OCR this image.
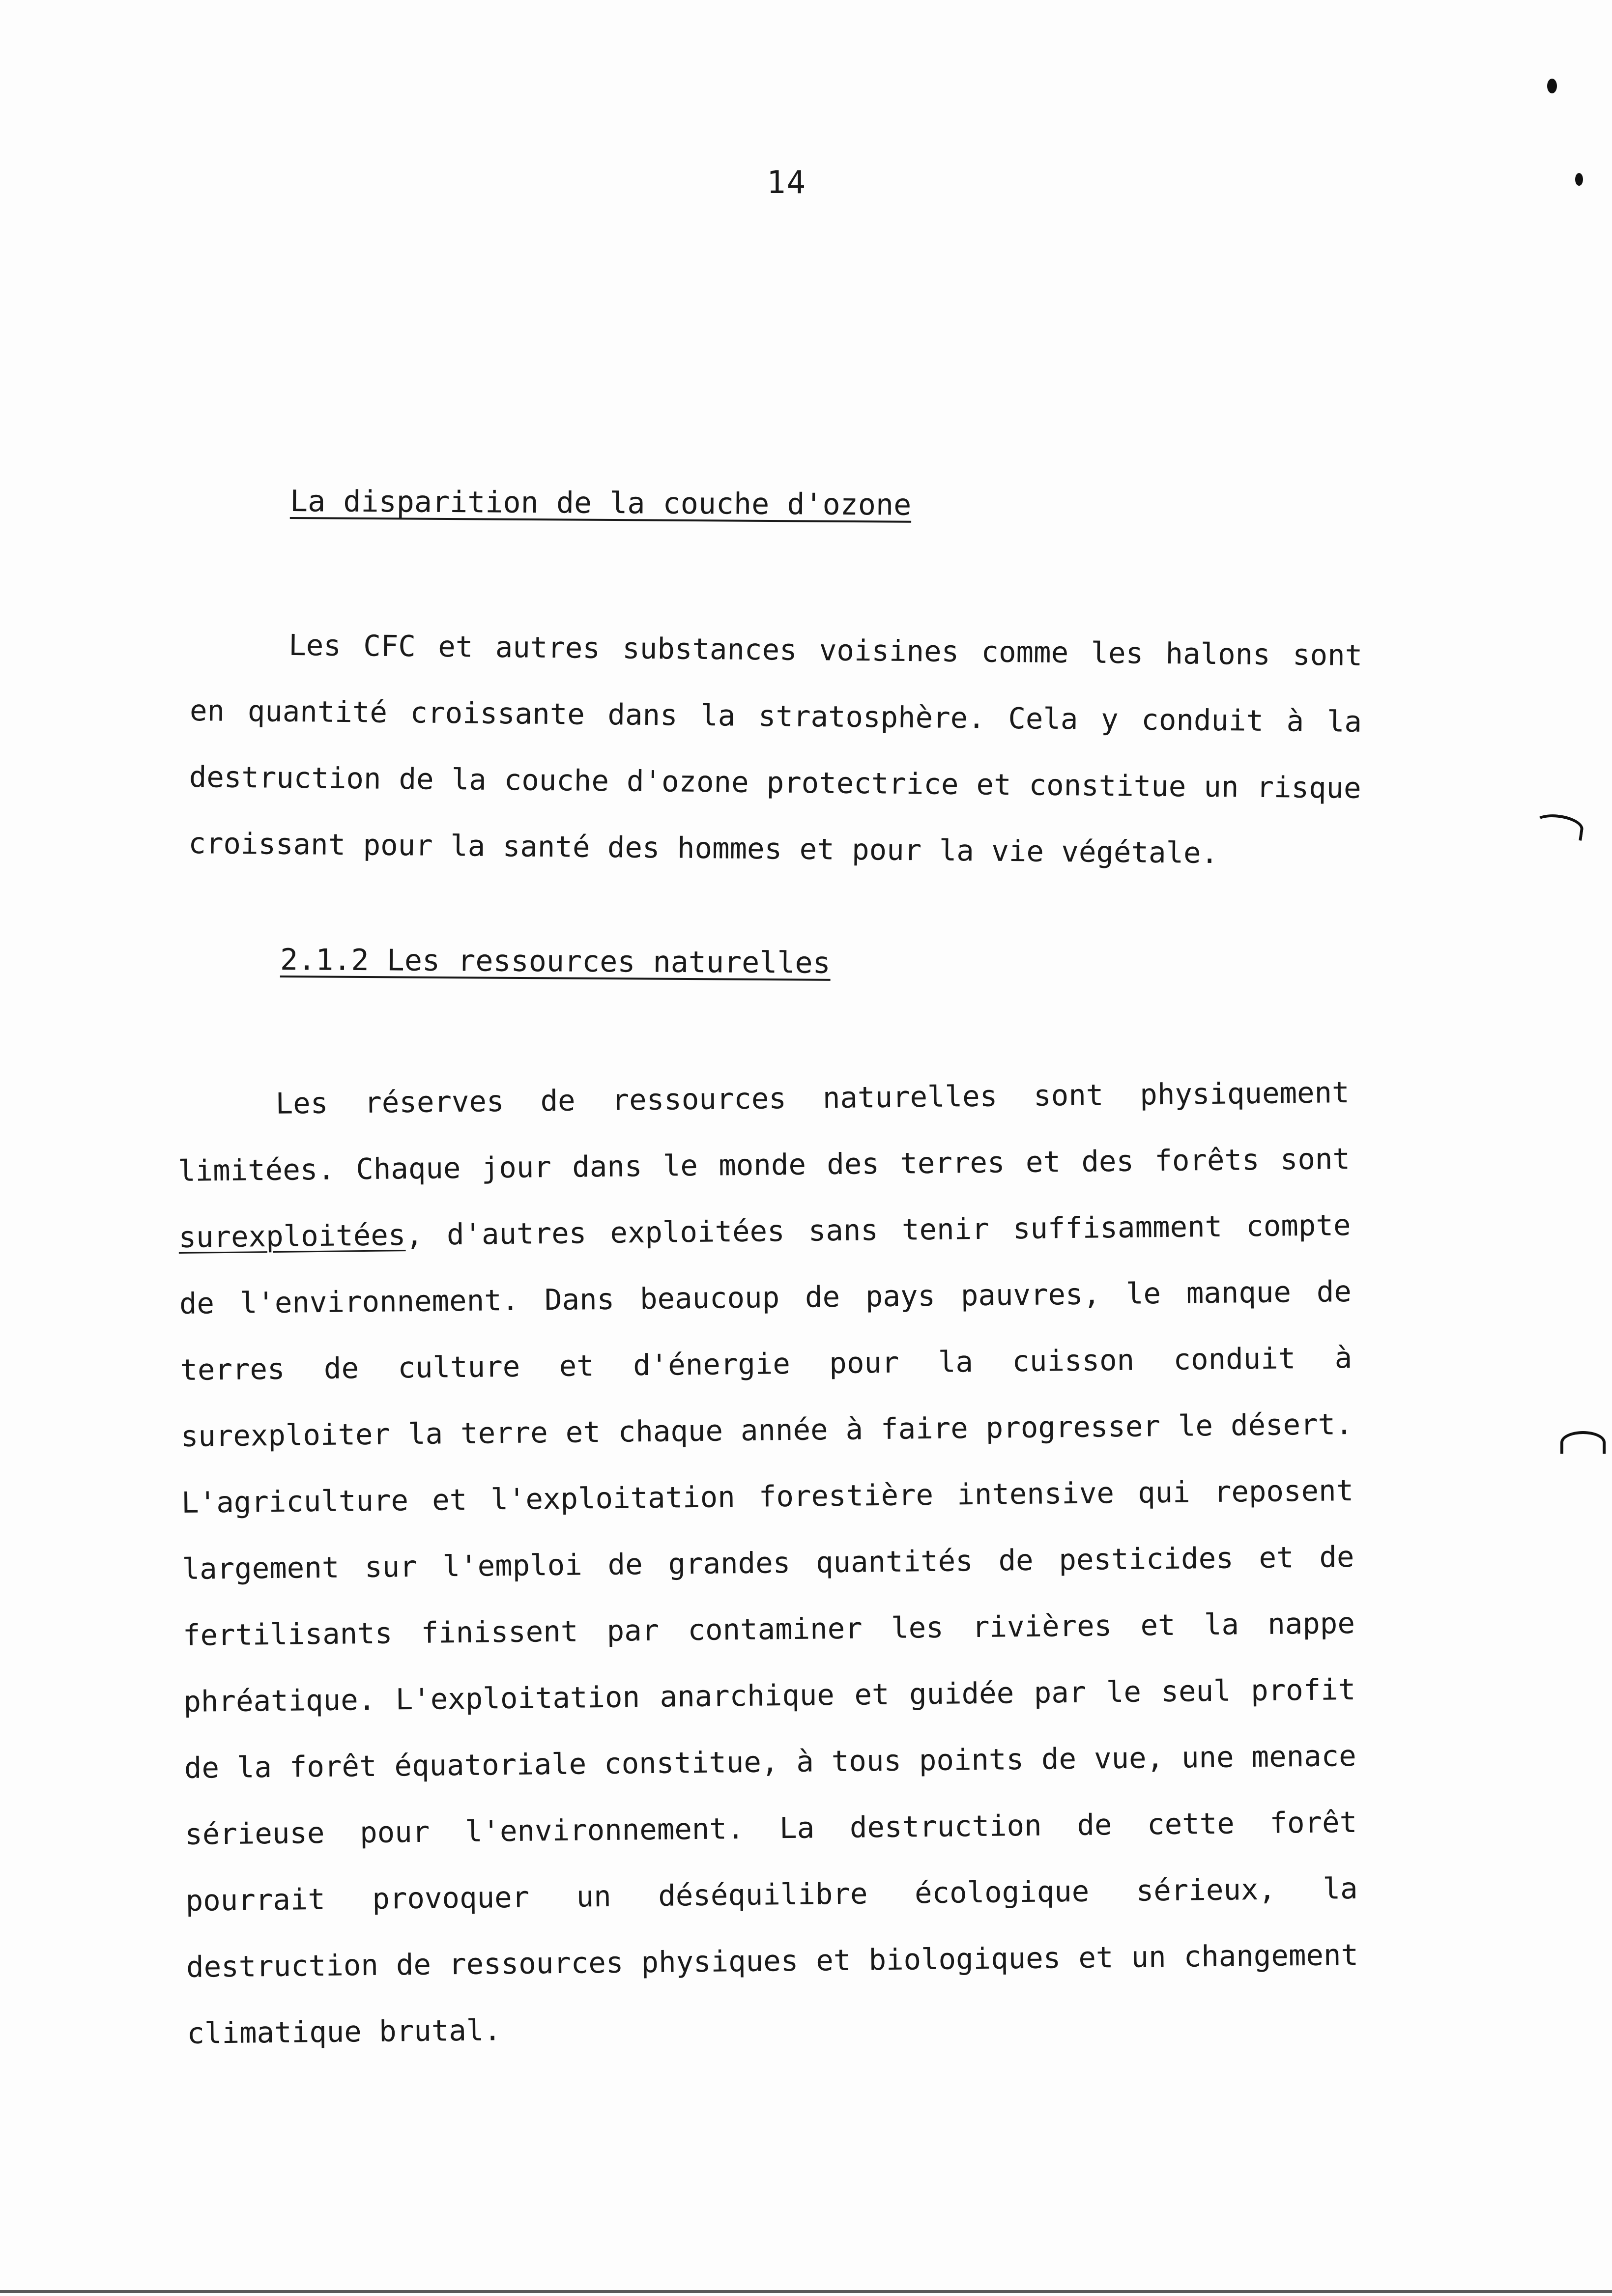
14
La disparition de la couche d'ozone
Les CFC et autres substances voisines comme les halons sont en quantité croissante dans la stratosphère. Cela y conduit à la destruction de la couche d'ozone protectrice et constitue un risque croissant pour la santé des hommes et pour la vie végétale.
2.1.2 Les ressources naturelles
Les réserves de ressources naturelles sont physiquement limitées. Chaque jour dans le monde des terres et des forêts sont surexploitées, d'autres exploitées sans tenir suffisamment compte de l'environnement. Dans beaucoup de pays pauvres, le manque de terres de culture et d'énergie pour la cuisson conduit à surexploiter la terre et chaque année à faire progresser le désert. L'agriculture et l'exploitation forestière intensive qui reposent largement sur l'emploi de grandes quantités de pesticides et de fertilisants finissent par contaminer les rivières et la nappe phréatique. L'exploitation anarchique et guidée par le seul profit de la forêt équatoriale constitue, à tous points de vue, une menace sérieuse pour l'environnement. La destruction de cette forêt pourrait provoquer un déséquilibre écologique sérieux, la destruction de ressources physiques et biologiques et un changement climatique brutal.
